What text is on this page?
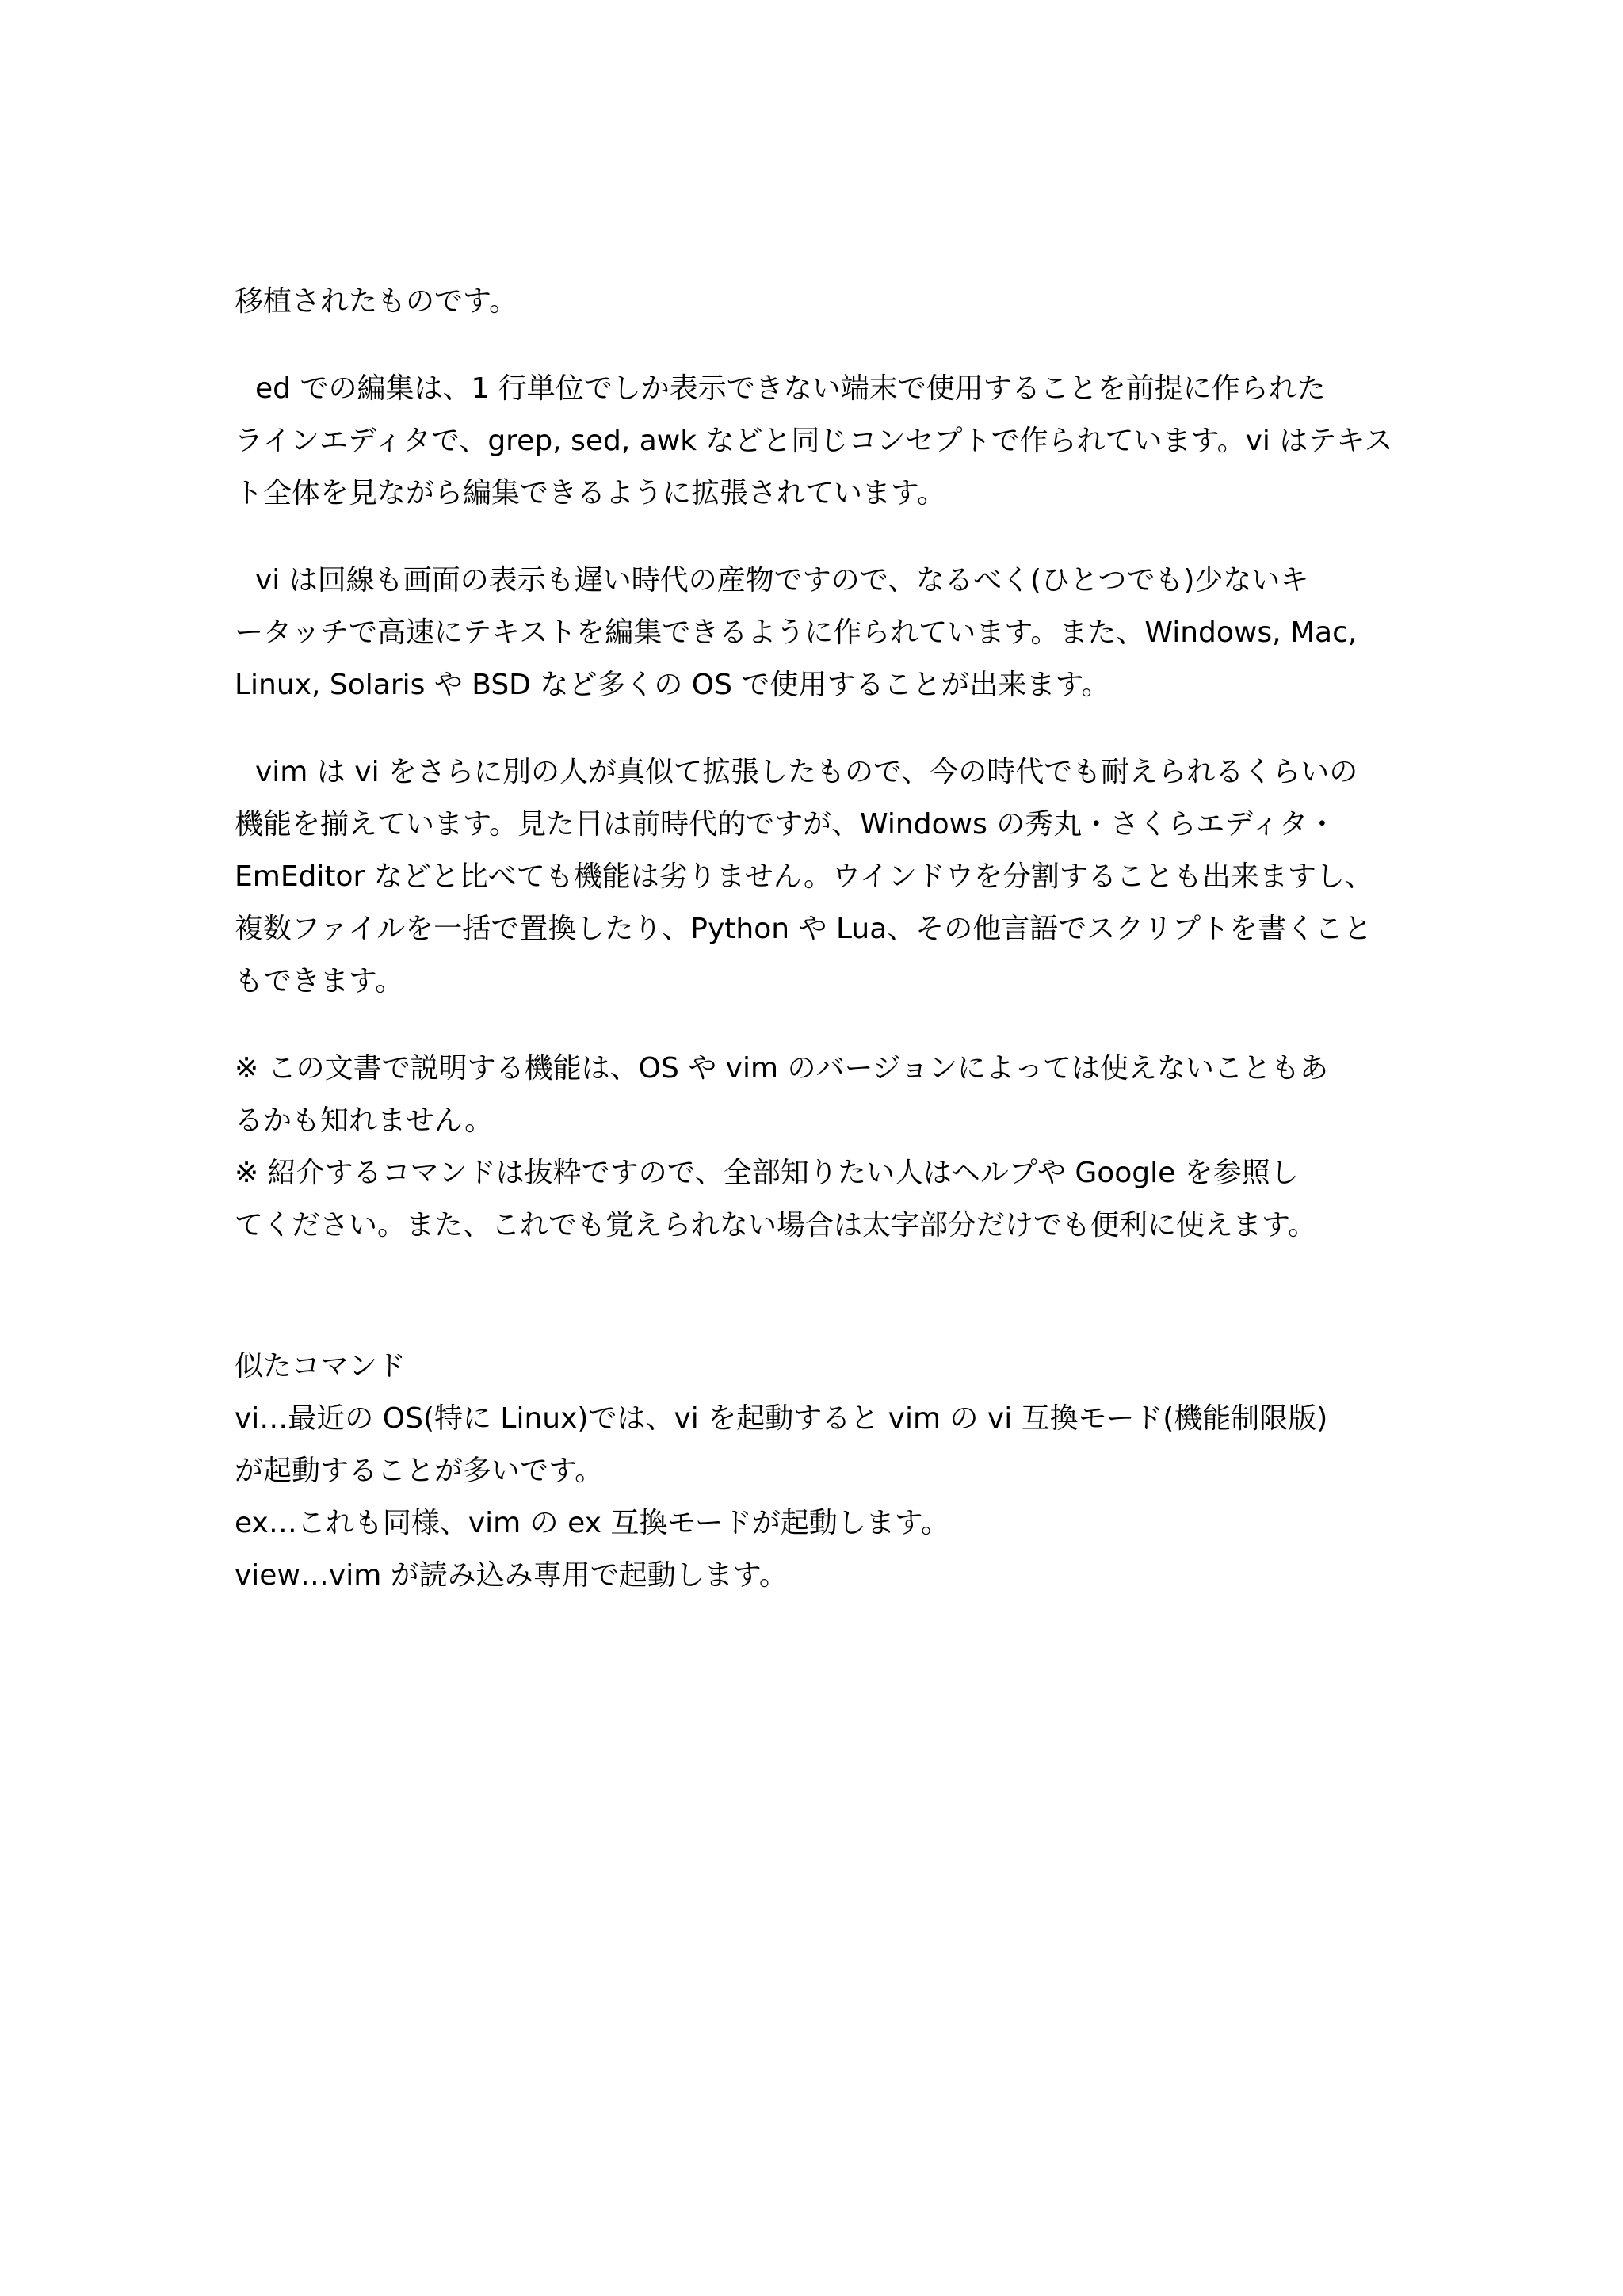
移植されたものです。
ed での編集は、1 行単位でしか表示できない端末で使用することを前提に作られた
ラインエディタで、grep, sed, awk などと同じコンセプトで作られています。vi はテキス
ト全体を見ながら編集できるように拡張されています。
vi は回線も画面の表示も遅い時代の産物ですので、なるべく(ひとつでも)少ないキ
ータッチで高速にテキストを編集できるように作られています。また、Windows, Mac,
Linux, Solaris や BSD など多くの OS で使用することが出来ます。
vim は vi をさらに別の人が真似て拡張したもので、今の時代でも耐えられるくらいの
機能を揃えています。見た目は前時代的ですが、Windows の秀丸・さくらエディタ・
EmEditor などと比べても機能は劣りません。ウインドウを分割することも出来ますし、
複数ファイルを一括で置換したり、Python や Lua、その他言語でスクリプトを書くこと
もできます。
※ この文書で説明する機能は、OS や vim のバージョンによっては使えないこともあ
るかも知れません。
※ 紹介するコマンドは抜粋ですので、全部知りたい人はヘルプや Google を参照し
てください。また、これでも覚えられない場合は太字部分だけでも便利に使えます。
似たコマンド
vi…最近の OS(特に Linux)では、vi を起動すると vim の vi 互換モード(機能制限版)
が起動することが多いです。
ex…これも同様、vim の ex 互換モードが起動します。
view…vim が読み込み専用で起動します。
